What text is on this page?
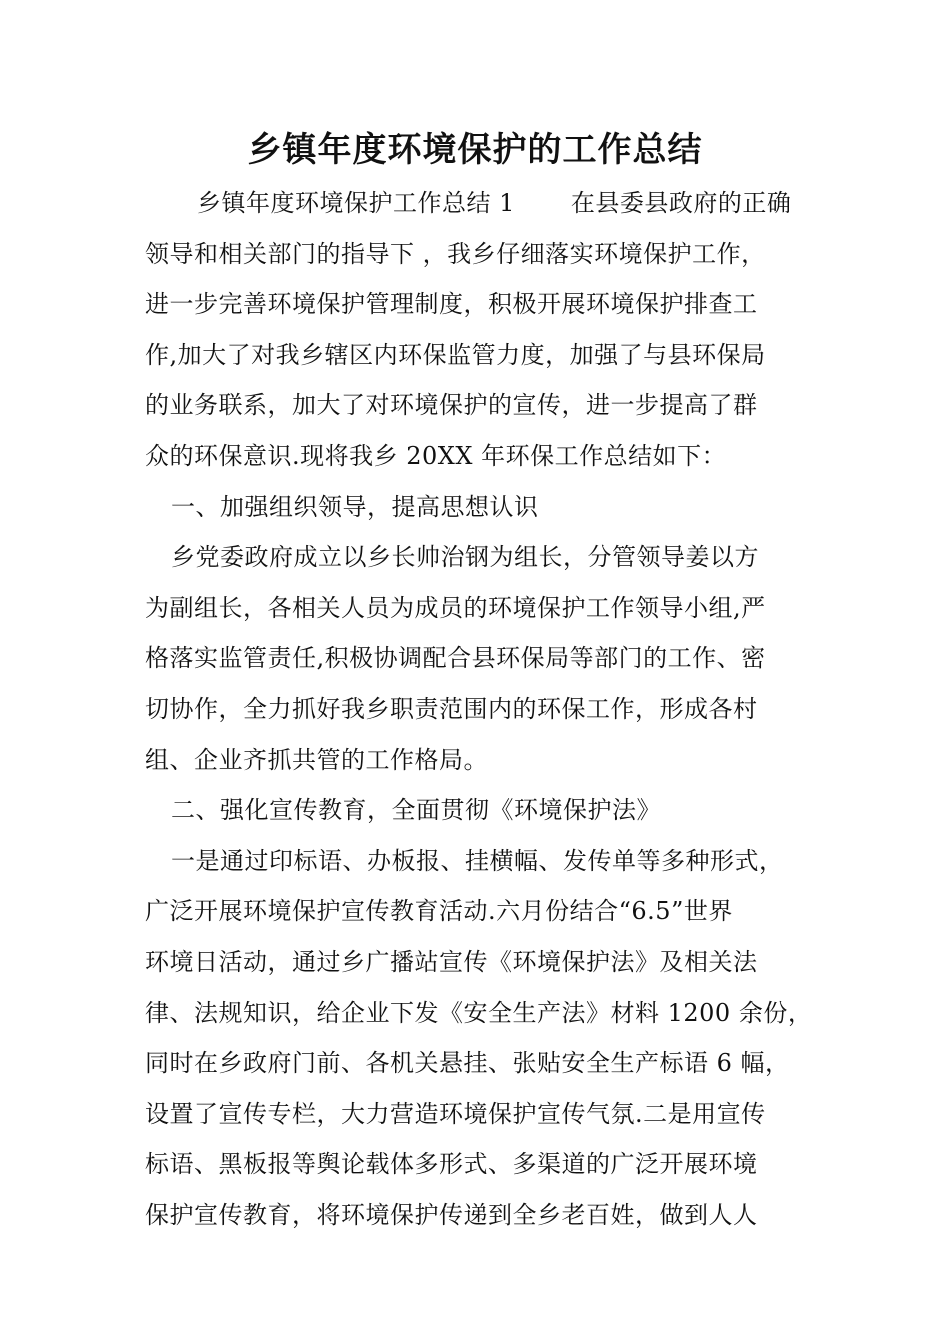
乡镇年度环境保护的工作总结
乡镇年度环境保护工作总结 1 在县委县政府的正确
领导和相关部门的指导下 ，我乡仔细落实环境保护工作，
进一步完善环境保护管理制度，积极开展环境保护排查工
作,加大了对我乡辖区内环保监管力度，加强了与县环保局
的业务联系，加大了对环境保护的宣传，进一步提高了群
众的环保意识.现将我乡 20XX 年环保工作总结如下：
一、加强组织领导，提高思想认识
乡党委政府成立以乡长帅治钢为组长，分管领导姜以方
为副组长，各相关人员为成员的环境保护工作领导小组,严
格落实监管责任,积极协调配合县环保局等部门的工作、密
切协作，全力抓好我乡职责范围内的环保工作，形成各村
组、企业齐抓共管的工作格局。
二、强化宣传教育，全面贯彻《环境保护法》
一是通过印标语、办板报、挂横幅、发传单等多种形式，
广泛开展环境保护宣传教育活动.六月份结合“6.5”世界
环境日活动，通过乡广播站宣传《环境保护法》及相关法
律、法规知识，给企业下发《安全生产法》材料 1200 余份，
同时在乡政府门前、各机关悬挂、张贴安全生产标语 6 幅，
设置了宣传专栏，大力营造环境保护宣传气氛.二是用宣传
标语、黑板报等舆论载体多形式、多渠道的广泛开展环境
保护宣传教育，将环境保护传递到全乡老百姓，做到人人
